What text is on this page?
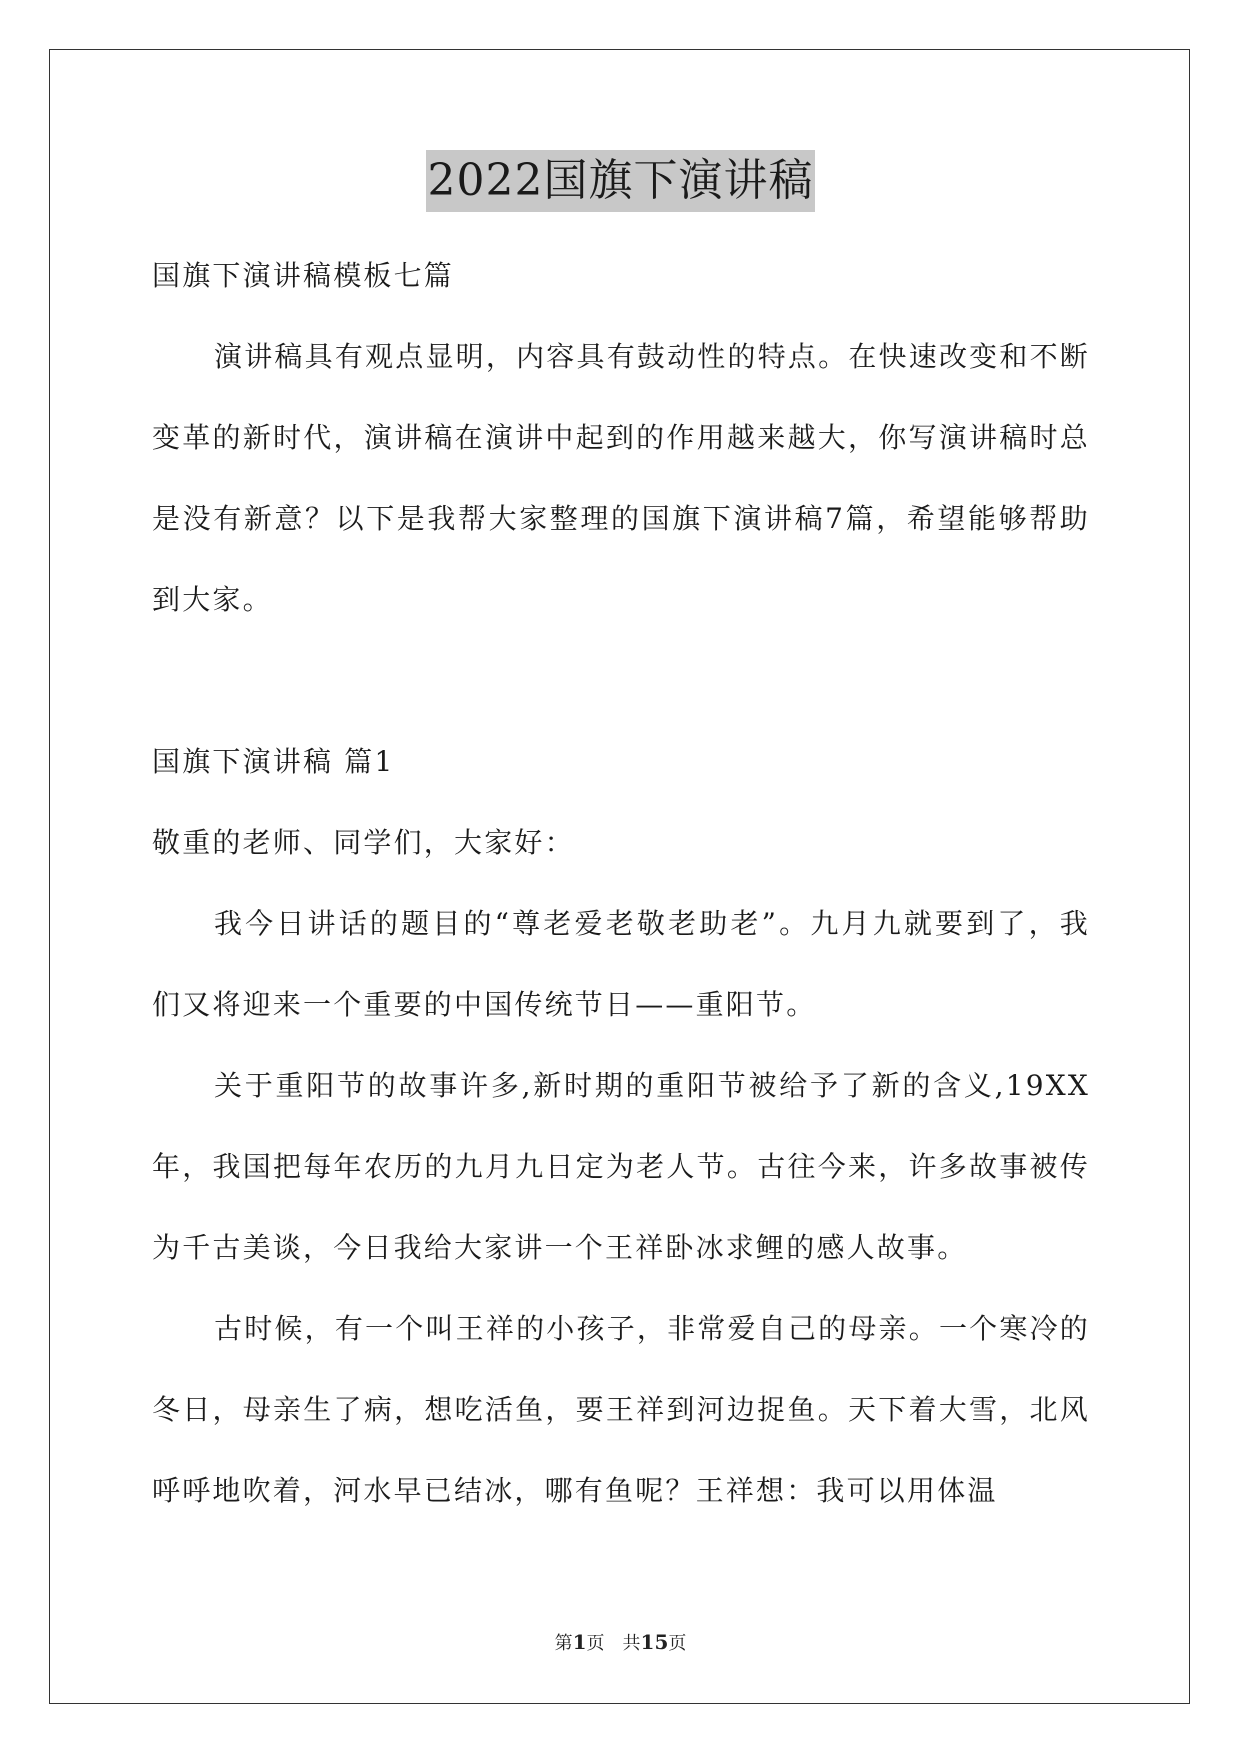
2022国旗下演讲稿

国旗下演讲稿模板七篇

演讲稿具有观点显明，内容具有鼓动性的特点。在快速改变和不断变革的新时代，演讲稿在演讲中起到的作用越来越大，你写演讲稿时总是没有新意？以下是我帮大家整理的国旗下演讲稿7篇，希望能够帮助到大家。

国旗下演讲稿 篇1

敬重的老师、同学们，大家好：

我今日讲话的题目的“尊老爱老敬老助老”。九月九就要到了，我们又将迎来一个重要的中国传统节日——重阳节。

关于重阳节的故事许多,新时期的重阳节被给予了新的含义,19XX年，我国把每年农历的九月九日定为老人节。古往今来，许多故事被传为千古美谈，今日我给大家讲一个王祥卧冰求鲤的感人故事。

古时候，有一个叫王祥的小孩子，非常爱自己的母亲。一个寒冷的冬日，母亲生了病，想吃活鱼，要王祥到河边捉鱼。天下着大雪，北风呼呼地吹着，河水早已结冰，哪有鱼呢？王祥想：我可以用体温

第1页 共15页
